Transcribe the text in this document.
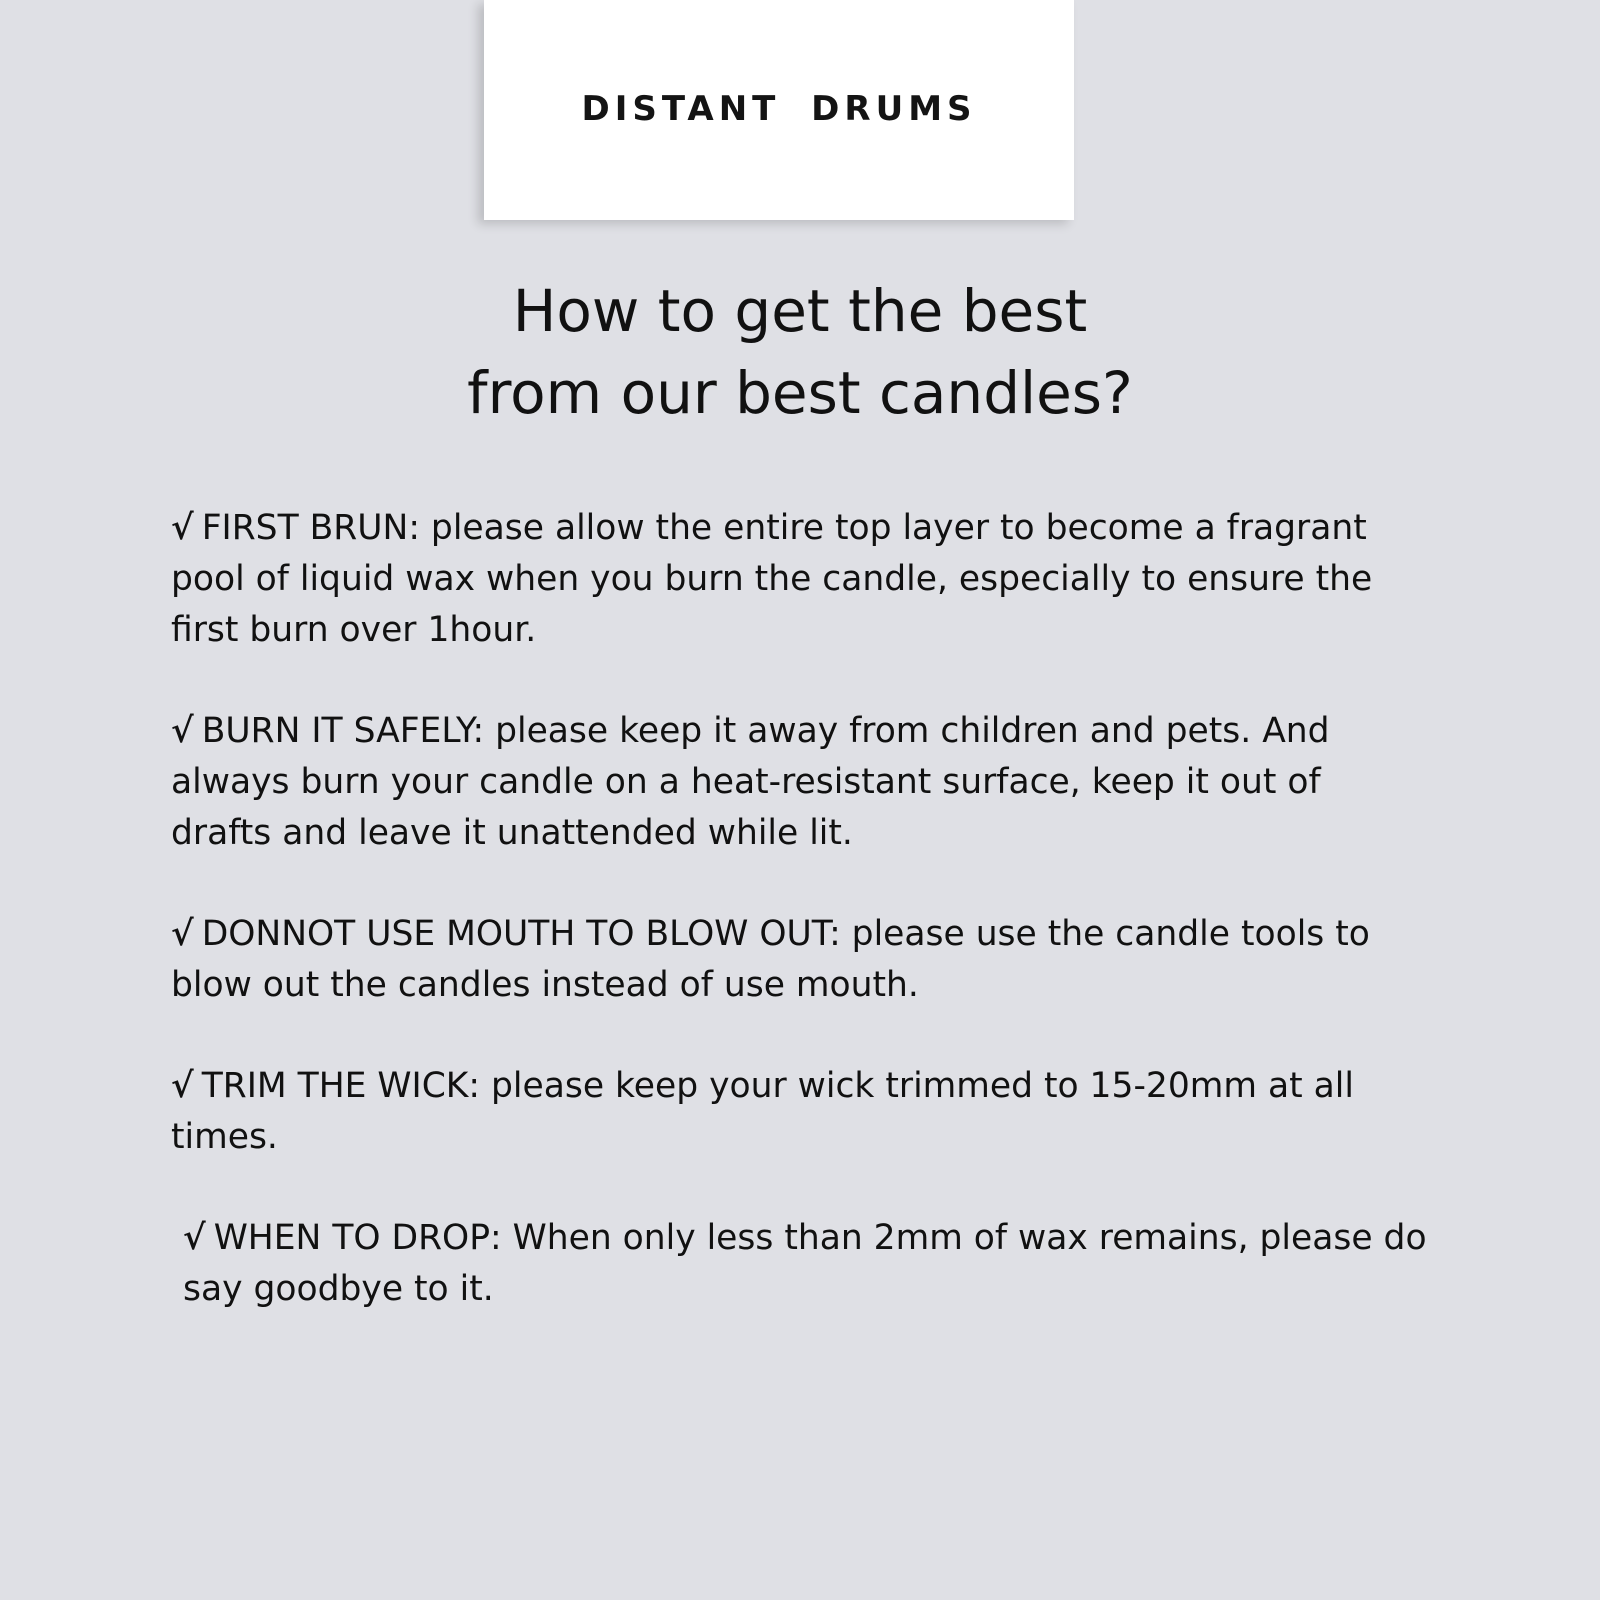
DISTANT DRUMS
How to get the best
from our best candles?
√ FIRST BRUN: please allow the entire top layer to become a fragrant pool of liquid wax when you burn the candle, especially to ensure the first burn over 1hour.
√ BURN IT SAFELY: please keep it away from children and pets. And always burn your candle on a heat-resistant surface, keep it out of drafts and leave it unattended while lit.
√ DONNOT USE MOUTH TO BLOW OUT: please use the candle tools to blow out the candles instead of use mouth.
√ TRIM THE WICK: please keep your wick trimmed to 15-20mm at all times.
√ WHEN TO DROP: When only less than 2mm of wax remains, please do say goodbye to it.
